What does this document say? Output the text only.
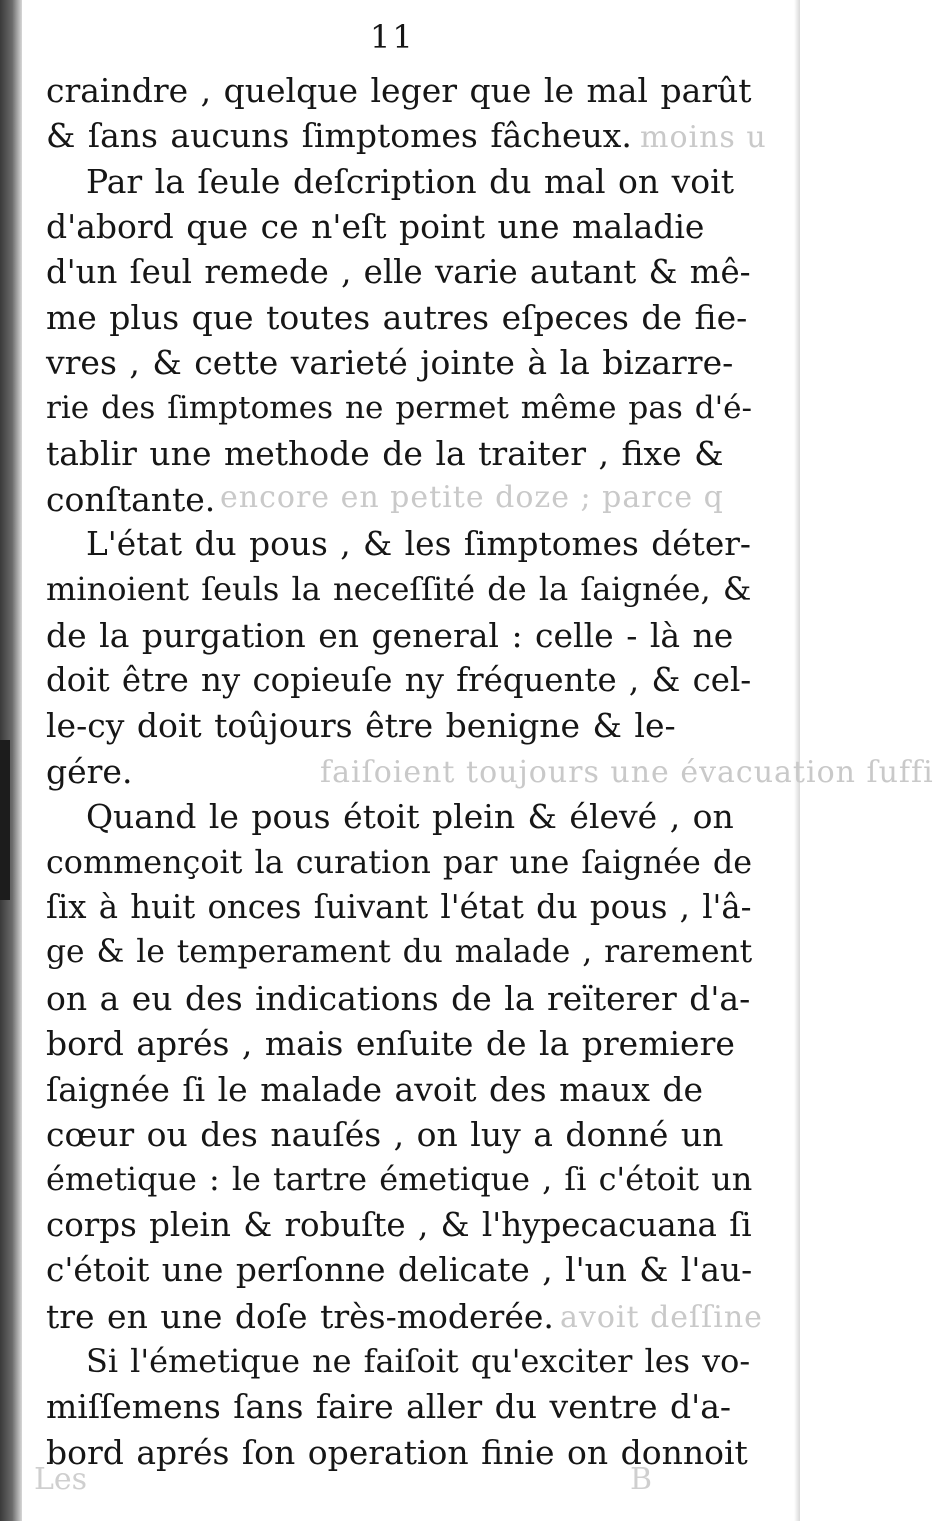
moins u
encore en petite doze ; parce q
faiſoient toujours une évacuation ſuffi
avoit deſſine
11
craindre , quelque leger que le mal parût
& ſans aucuns ſimptomes fâcheux.
Par la ſeule deſcription du mal on voit
d'abord que ce n'eſt point une maladie
d'un ſeul remede , elle varie autant & mê-
me plus que toutes autres eſpeces de fie-
vres , & cette varieté jointe à la bizarre-
rie des ſimptomes ne permet même pas d'é-
tablir une methode de la traiter , fixe &
conſtante.
L'état du pous , & les ſimptomes déter-
minoient ſeuls la neceſſité de la ſaignée, &
de la purgation en general : celle - là ne
doit être ny copieuſe ny fréquente , & cel-
le-cy doit toûjours être benigne & le-
gére.
Quand le pous étoit plein & élevé , on
commençoit la curation par une ſaignée de
ſix à huit onces ſuivant l'état du pous , l'â-
ge & le temperament du malade , rarement
on a eu des indications de la reïterer d'a-
bord aprés , mais enſuite de la premiere
ſaignée ſi le malade avoit des maux de
cœur ou des nauſés , on luy a donné un
émetique : le tartre émetique , ſi c'étoit un
corps plein & robuſte , & l'hypecacuana ſi
c'étoit une perſonne delicate , l'un & l'au-
tre en une doſe très-moderée.
Si l'émetique ne faiſoit qu'exciter les vo-
miſſemens ſans faire aller du ventre d'a-
bord aprés ſon operation finie on donnoit
Les	B
